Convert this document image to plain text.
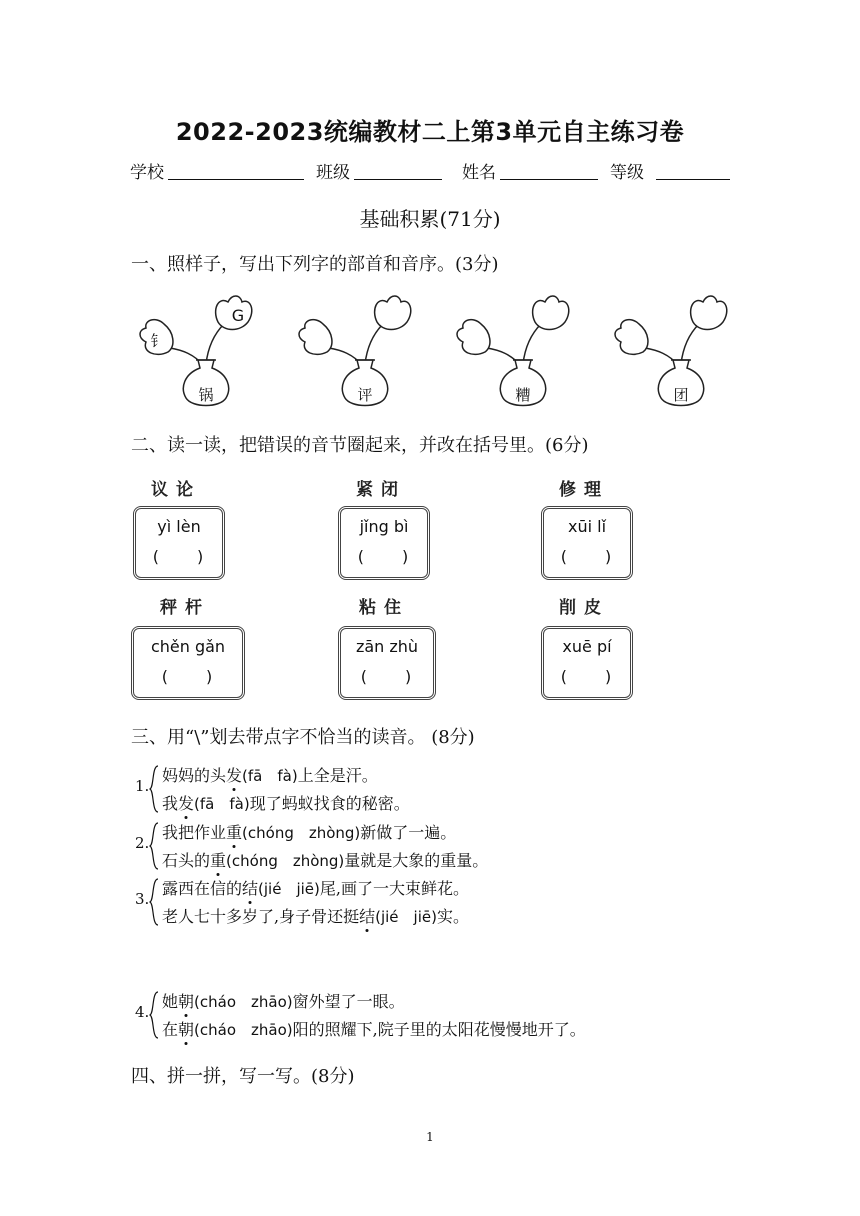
2022-2023统编教材二上第3单元自主练习卷
学校	班级	姓名	等级
基础积累(71分)
一、照样子，写出下列字的部首和音序。(3分)
锅
G
钅
评	糟	团
二、读一读，把错误的音节圈起来，并改在括号里。(6分)
议论
yì lèn
( )
紧闭
jǐng bì
( )
修理
xūi lǐ
( )
秤杆
chěn gǎn
( )
粘住
zān zhù
( )
削皮
xuē pí
( )
三、用“\”划去带点字不恰当的读音。 (8分)
1.
妈妈的头发(fā　fà)上全是汗。
我发(fā　fà)现了蚂蚁找食的秘密。
2.
我把作业重(chóng　zhòng)新做了一遍。
石头的重(chóng　zhòng)量就是大象的重量。
3.
露西在信的结(jié　jiē)尾,画了一大束鲜花。
老人七十多岁了,身子骨还挺结(jié　jiē)实。
4.
她朝(cháo　zhāo)窗外望了一眼。
在朝(cháo　zhāo)阳的照耀下,院子里的太阳花慢慢地开了。
四、拼一拼，写一写。(8分)
1
